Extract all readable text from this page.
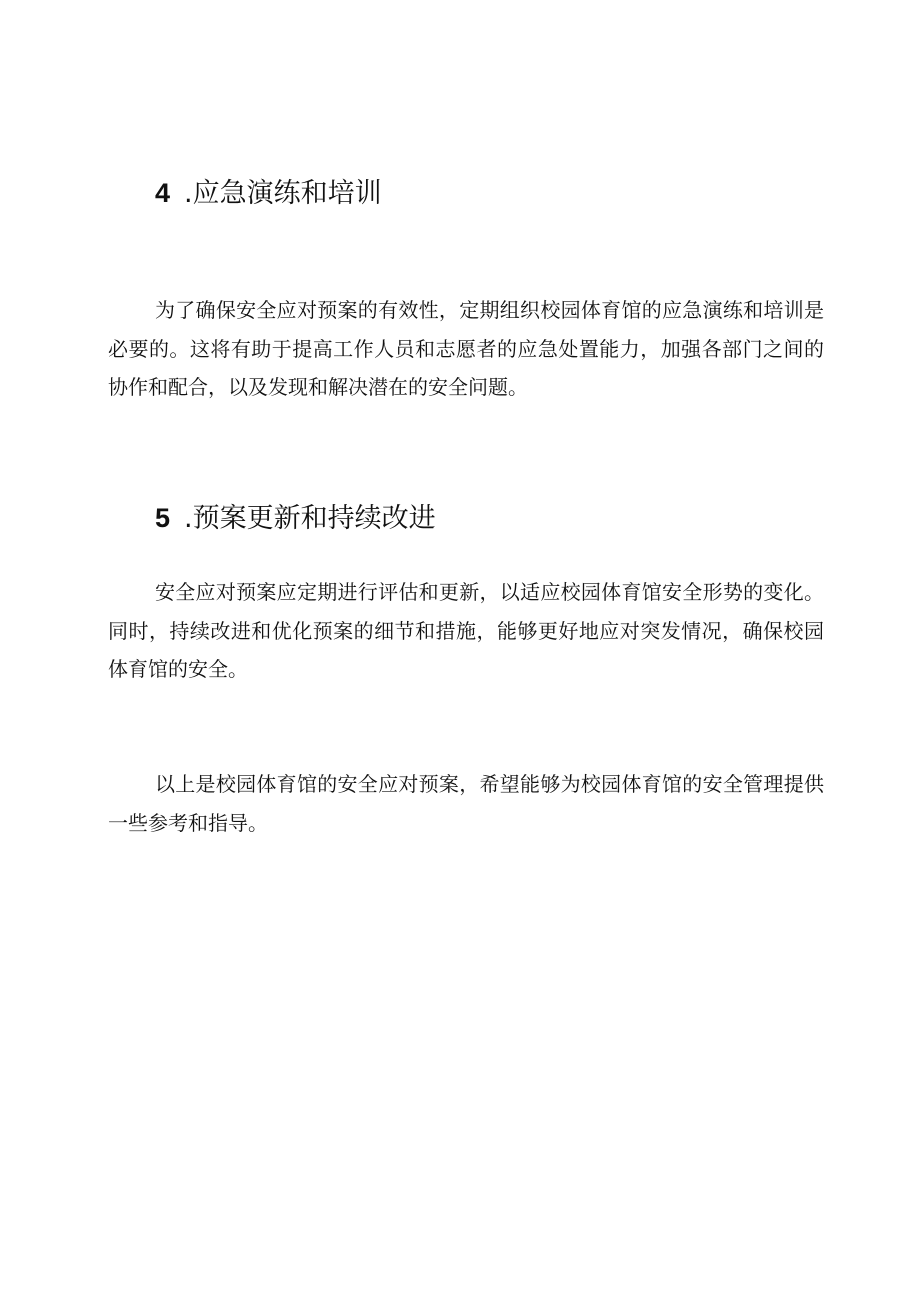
4 .应急演练和培训

为了确保安全应对预案的有效性，定期组织校园体育馆的应急演练和培训是必要的。这将有助于提高工作人员和志愿者的应急处置能力，加强各部门之间的协作和配合，以及发现和解决潜在的安全问题。

5 .预案更新和持续改进

安全应对预案应定期进行评估和更新，以适应校园体育馆安全形势的变化。同时，持续改进和优化预案的细节和措施，能够更好地应对突发情况，确保校园体育馆的安全。

以上是校园体育馆的安全应对预案，希望能够为校园体育馆的安全管理提供一些参考和指导。
